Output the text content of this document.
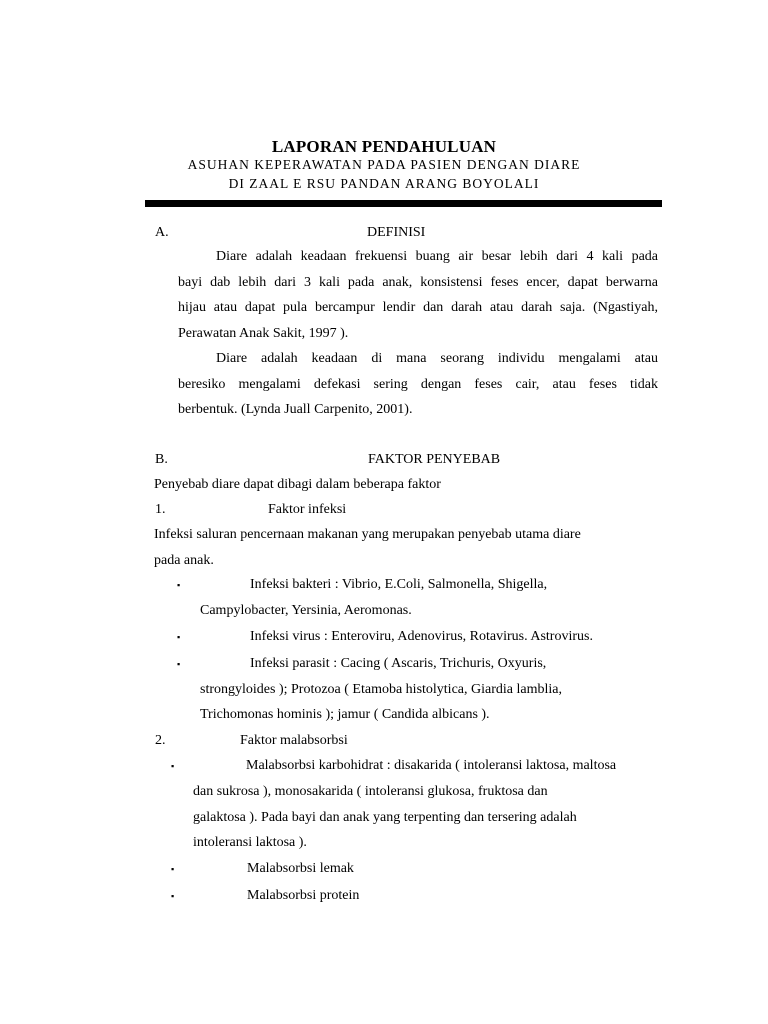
LAPORAN PENDAHULUAN
ASUHAN KEPERAWATAN PADA PASIEN DENGAN DIARE
DI ZAAL E RSU PANDAN ARANG BOYOLALI
A.	DEFINISI
Diare adalah keadaan frekuensi buang air besar lebih dari 4 kali pada
bayi dab lebih dari 3 kali pada anak, konsistensi feses encer, dapat berwarna
hijau atau dapat pula bercampur lendir dan darah atau darah saja. (Ngastiyah,
Perawatan Anak Sakit, 1997 ).
Diare adalah keadaan di mana seorang individu mengalami atau
beresiko mengalami defekasi sering dengan feses cair, atau feses tidak
berbentuk. (Lynda Juall Carpenito, 2001).
B.	FAKTOR PENYEBAB
Penyebab diare dapat dibagi dalam beberapa faktor
1.	Faktor infeksi
Infeksi saluran pencernaan makanan yang merupakan penyebab utama diare
pada anak.
▪	Infeksi bakteri : Vibrio, E.Coli, Salmonella, Shigella,
Campylobacter, Yersinia, Aeromonas.
▪	Infeksi virus : Enteroviru, Adenovirus, Rotavirus. Astrovirus.
▪	Infeksi parasit : Cacing ( Ascaris, Trichuris, Oxyuris,
strongyloides ); Protozoa ( Etamoba histolytica, Giardia lamblia,
Trichomonas hominis ); jamur ( Candida albicans ).
2.	Faktor malabsorbsi
▪	Malabsorbsi karbohidrat : disakarida ( intoleransi laktosa, maltosa
dan sukrosa ), monosakarida ( intoleransi glukosa, fruktosa dan
galaktosa ). Pada bayi dan anak yang terpenting dan tersering adalah
intoleransi laktosa ).
▪	Malabsorbsi lemak
▪	Malabsorbsi protein
